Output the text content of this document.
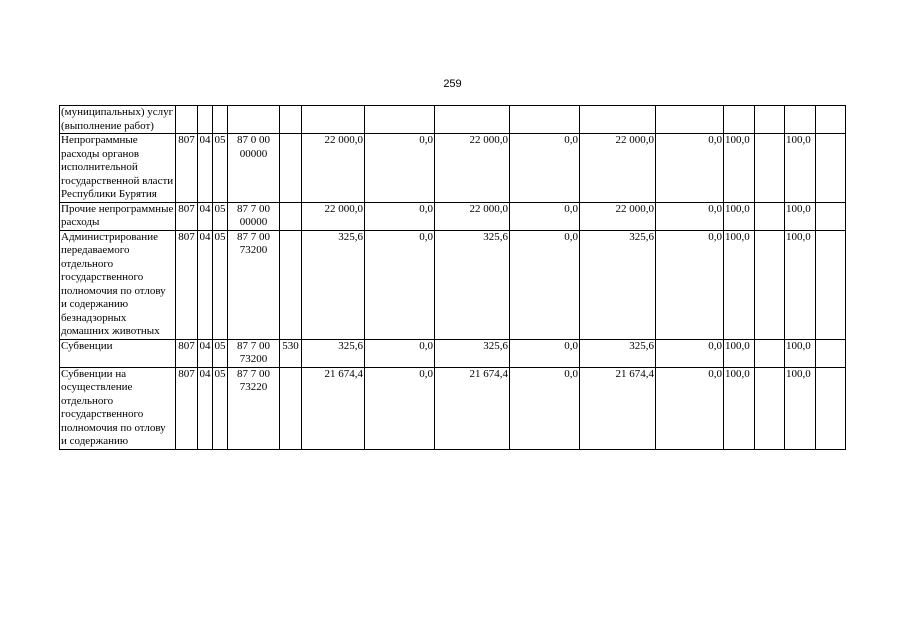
259
(муниципальных) услуг (выполнение работ)															
Непрограммные расходы органов исполнительной государственной власти Республики Бурятия	807	04	05	87 0 00 00000		22 000,0	0,0	22 000,0	0,0	22 000,0	0,0	100,0		100,0	
Прочие непрограммные расходы	807	04	05	87 7 00 00000		22 000,0	0,0	22 000,0	0,0	22 000,0	0,0	100,0		100,0	
Администрирование передаваемого отдельного государственного полномочия по отлову и содержанию безнадзорных домашних животных	807	04	05	87 7 00 73200		325,6	0,0	325,6	0,0	325,6	0,0	100,0		100,0	
Субвенции	807	04	05	87 7 00 73200	530	325,6	0,0	325,6	0,0	325,6	0,0	100,0		100,0	
Субвенции на осуществление отдельного государственного полномочия по отлову и содержанию	807	04	05	87 7 00 73220		21 674,4	0,0	21 674,4	0,0	21 674,4	0,0	100,0		100,0	
